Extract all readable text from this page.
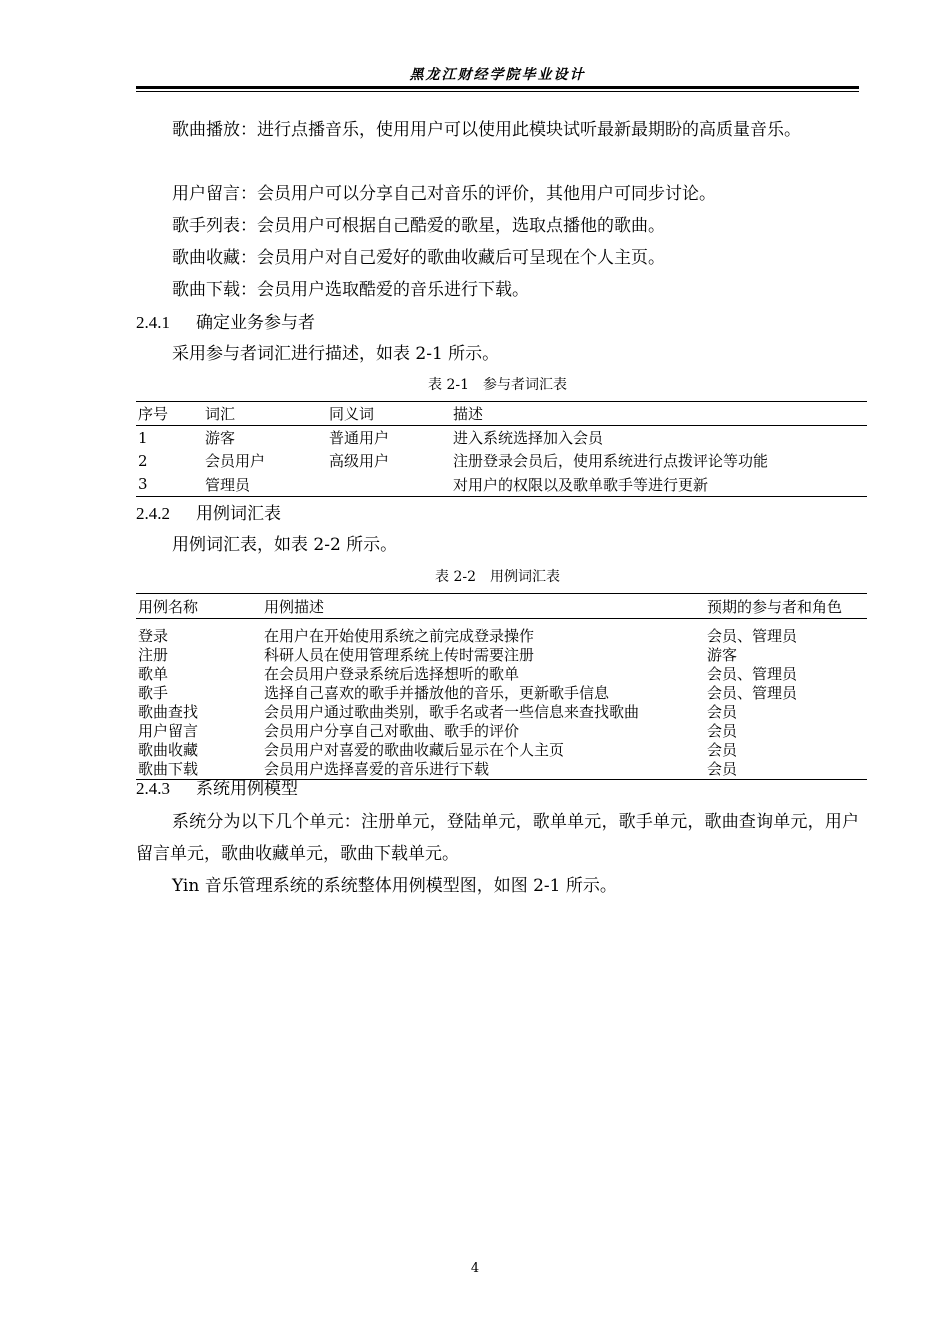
黑龙江财经学院毕业设计

歌曲播放：进行点播音乐，使用用户可以使用此模块试听最新最期盼的高质量音乐。

用户留言：会员用户可以分享自己对音乐的评价，其他用户可同步讨论。

歌手列表：会员用户可根据自己酷爱的歌星，选取点播他的歌曲。

歌曲收藏：会员用户对自己爱好的歌曲收藏后可呈现在个人主页。

歌曲下载：会员用户选取酷爱的音乐进行下载。

2.4.1 确定业务参与者

采用参与者词汇进行描述，如表 2-1 所示。

表 2-1 参与者词汇表
序号	词汇	同义词	描述
1	游客	普通用户	进入系统选择加入会员
2	会员用户	高级用户	注册登录会员后，使用系统进行点拨评论等功能
3	管理员		对用户的权限以及歌单歌手等进行更新
2.4.2 用例词汇表

用例词汇表，如表 2-2 所示。

表 2-2 用例词汇表
用例名称	用例描述	预期的参与者和角色
登录	在用户在开始使用系统之前完成登录操作	会员、管理员
注册	科研人员在使用管理系统上传时需要注册	游客
歌单	在会员用户登录系统后选择想听的歌单	会员、管理员
歌手	选择自己喜欢的歌手并播放他的音乐，更新歌手信息	会员、管理员
歌曲查找	会员用户通过歌曲类别，歌手名或者一些信息来查找歌曲	会员
用户留言	会员用户分享自己对歌曲、歌手的评价	会员
歌曲收藏	会员用户对喜爱的歌曲收藏后显示在个人主页	会员
歌曲下载	会员用户选择喜爱的音乐进行下载	会员
2.4.3 系统用例模型

系统分为以下几个单元：注册单元，登陆单元，歌单单元，歌手单元，歌曲查询单元，用户留言单元，歌曲收藏单元，歌曲下载单元。

Yin 音乐管理系统的系统整体用例模型图，如图 2-1 所示。

4
